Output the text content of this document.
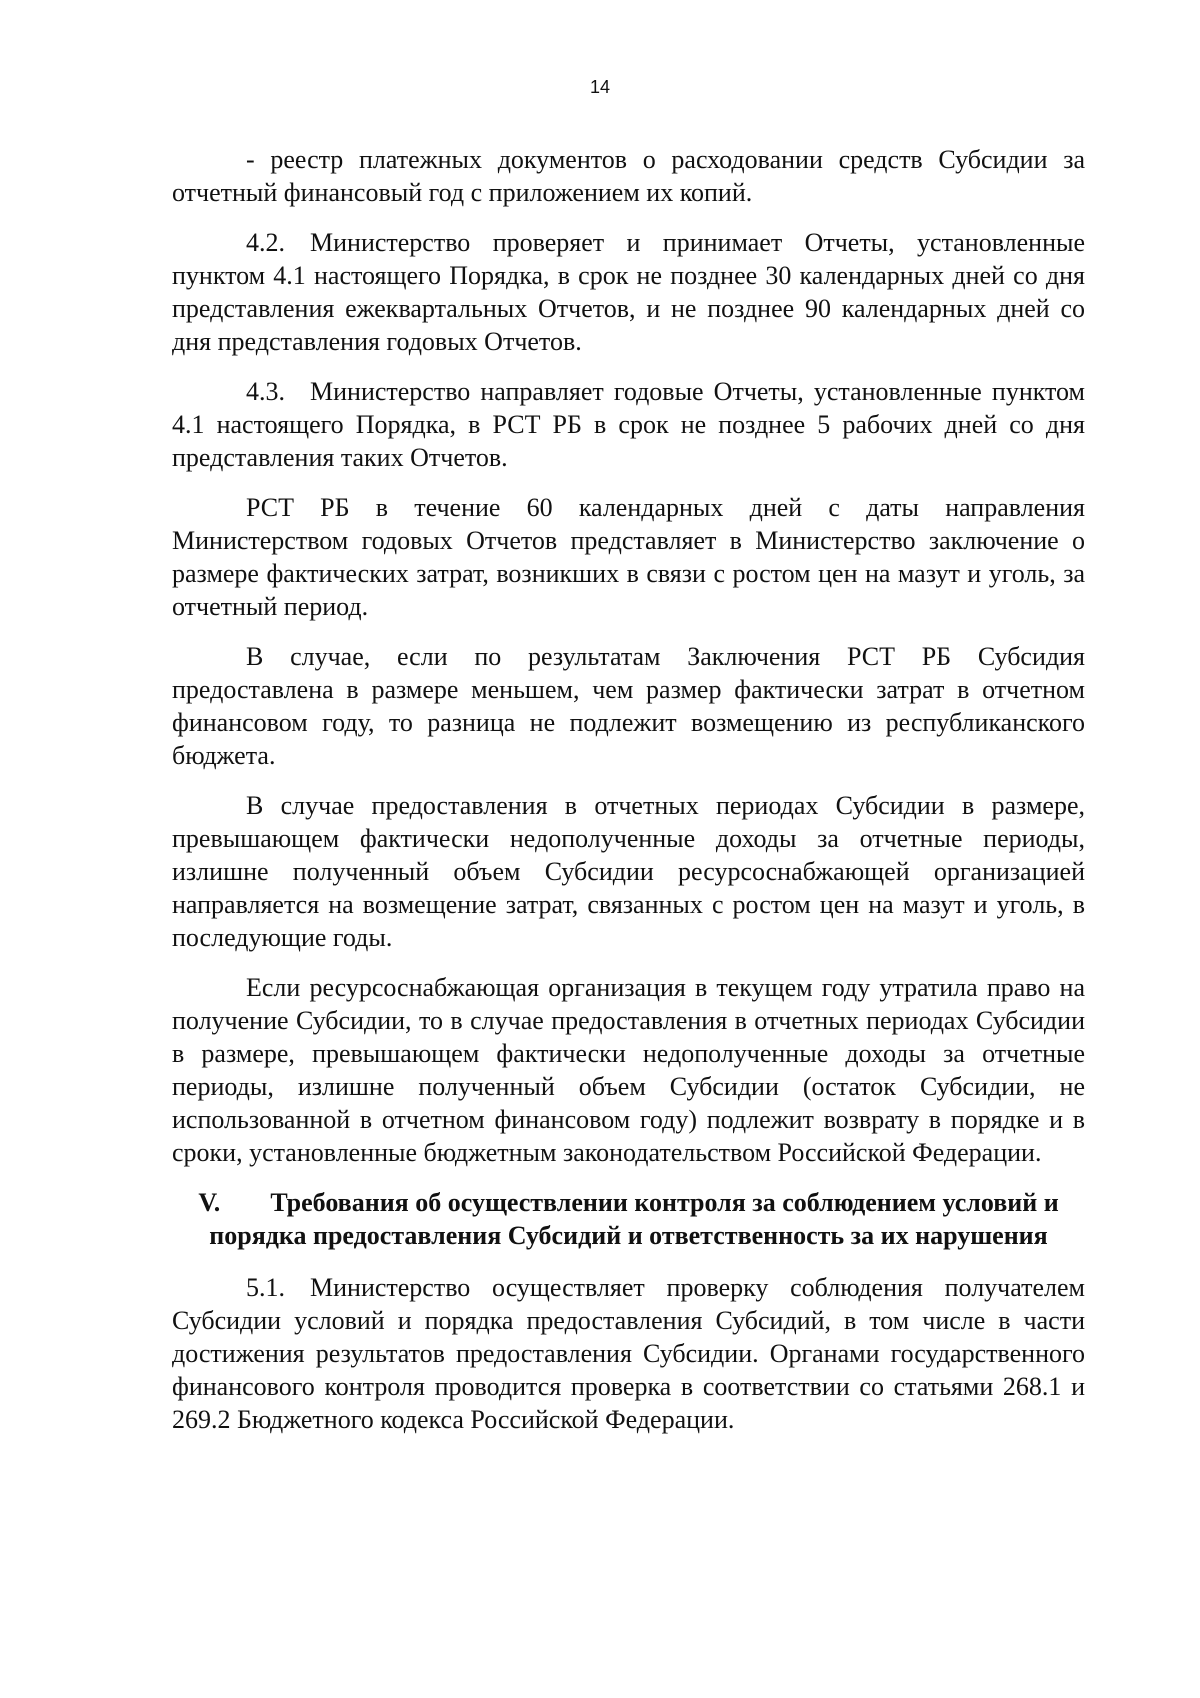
14

- реестр платежных документов о расходовании средств Субсидии за отчетный финансовый год с приложением их копий.

4.2. Министерство проверяет и принимает Отчеты, установленные пунктом 4.1 настоящего Порядка, в срок не позднее 30 календарных дней со дня представления ежеквартальных Отчетов, и не позднее 90 календарных дней со дня представления годовых Отчетов.

4.3. Министерство направляет годовые Отчеты, установленные пунктом 4.1 настоящего Порядка, в РСТ РБ в срок не позднее 5 рабочих дней со дня представления таких Отчетов.

РСТ РБ в течение 60 календарных дней с даты направления Министерством годовых Отчетов представляет в Министерство заключение о размере фактических затрат, возникших в связи с ростом цен на мазут и уголь, за отчетный период.

В случае, если по результатам Заключения РСТ РБ Субсидия предоставлена в размере меньшем, чем размер фактически затрат в отчетном финансовом году, то разница не подлежит возмещению из республиканского бюджета.

В случае предоставления в отчетных периодах Субсидии в размере, превышающем фактически недополученные доходы за отчетные периоды, излишне полученный объем Субсидии ресурсоснабжающей организацией направляется на возмещение затрат, связанных с ростом цен на мазут и уголь, в последующие годы.

Если ресурсоснабжающая организация в текущем году утратила право на получение Субсидии, то в случае предоставления в отчетных периодах Субсидии в размере, превышающем фактически недополученные доходы за отчетные периоды, излишне полученный объем Субсидии (остаток Субсидии, не использованной в отчетном финансовом году) подлежит возврату в порядке и в сроки, установленные бюджетным законодательством Российской Федерации.

V. Требования об осуществлении контроля за соблюдением условий и порядка предоставления Субсидий и ответственность за их нарушения

5.1. Министерство осуществляет проверку соблюдения получателем Субсидии условий и порядка предоставления Субсидий, в том числе в части достижения результатов предоставления Субсидии. Органами государственного финансового контроля проводится проверка в соответствии со статьями 268.1 и 269.2 Бюджетного кодекса Российской Федерации.
